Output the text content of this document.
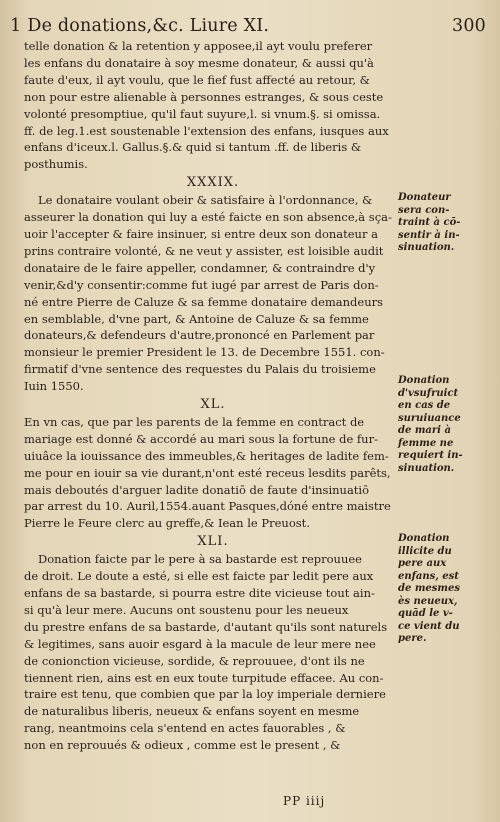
1 De donations,&c. Liure XI.	300
telle donation & la retention y apposee,il ayt voulu preferer
les enfans du donataire à soy mesme donateur, & aussi qu'à
faute d'eux, il ayt voulu, que le fief fust affecté au retour, &
non pour estre alienable à personnes estranges, & sous ceste
volonté presomptiue, qu'il faut suyure,l. si vnum.§. si omissa.
ff. de leg.1.est soustenable l'extension des enfans, iusques aux
enfans d'iceux.l. Gallus.§.& quid si tantum .ff. de liberis &
posthumis.
XXXIX.
Le donataire voulant obeir & satisfaire à l'ordonnance, &
asseurer la donation qui luy a esté faicte en son absence,à sça-
uoir l'accepter & faire insinuer, si entre deux son donateur a
prins contraire volonté, & ne veut y assister, est loisible audit
donataire de le faire appeller, condamner, & contraindre d'y
venir,&d'y consentir:comme fut iugé par arrest de Paris don-
né entre Pierre de Caluze & sa femme donataire demandeurs
en semblable, d'vne part, & Antoine de Caluze & sa femme
donateurs,& defendeurs d'autre,prononcé en Parlement par
monsieur le premier President le 13. de Decembre 1551. con-
firmatif d'vne sentence des requestes du Palais du troisieme
Iuin 1550.
XL.
En vn cas, que par les parents de la femme en contract de
mariage est donné & accordé au mari sous la fortune de fur-
uiuâce la iouissance des immeubles,& heritages de ladite fem-
me pour en iouir sa vie durant,n'ont esté receus lesdits parêts,
mais deboutés d'arguer ladite donatiō de faute d'insinuatiō
par arrest du 10. Auril,1554.auant Pasques,dóné entre maistre
Pierre le Feure clerc au greffe,& Iean le Preuost.
XLI.
Donation faicte par le pere à sa bastarde est reprouuee
de droit. Le doute a esté, si elle est faicte par ledit pere aux
enfans de sa bastarde, si pourra estre dite vicieuse tout ain-
si qu'à leur mere. Aucuns ont soustenu pour les neueux
du prestre enfans de sa bastarde, d'autant qu'ils sont naturels
& legitimes, sans auoir esgard à la macule de leur mere nee
de conionction vicieuse, sordide, & reprouuee, d'ont ils ne
tiennent rien, ains est en eux toute turpitude effacee. Au con-
traire est tenu, que combien que par la loy imperiale derniere
de naturalibus liberis, neueux & enfans soyent en mesme
rang, neantmoins cela s'entend en actes fauorables , &
non en reprouués & odieux , comme est le present , &
Donateur
sera con-
traint à cō-
sentir à in-
sinuation.
Donation
d'vsufruict
en cas de
suruiuance
de mari à
femme ne
requiert in-
sinuation.
Donation
illicite du
pere aux
enfans, est
de mesmes
ès neueux,
quād le v-
ce vient du
pere.
PP iiij
